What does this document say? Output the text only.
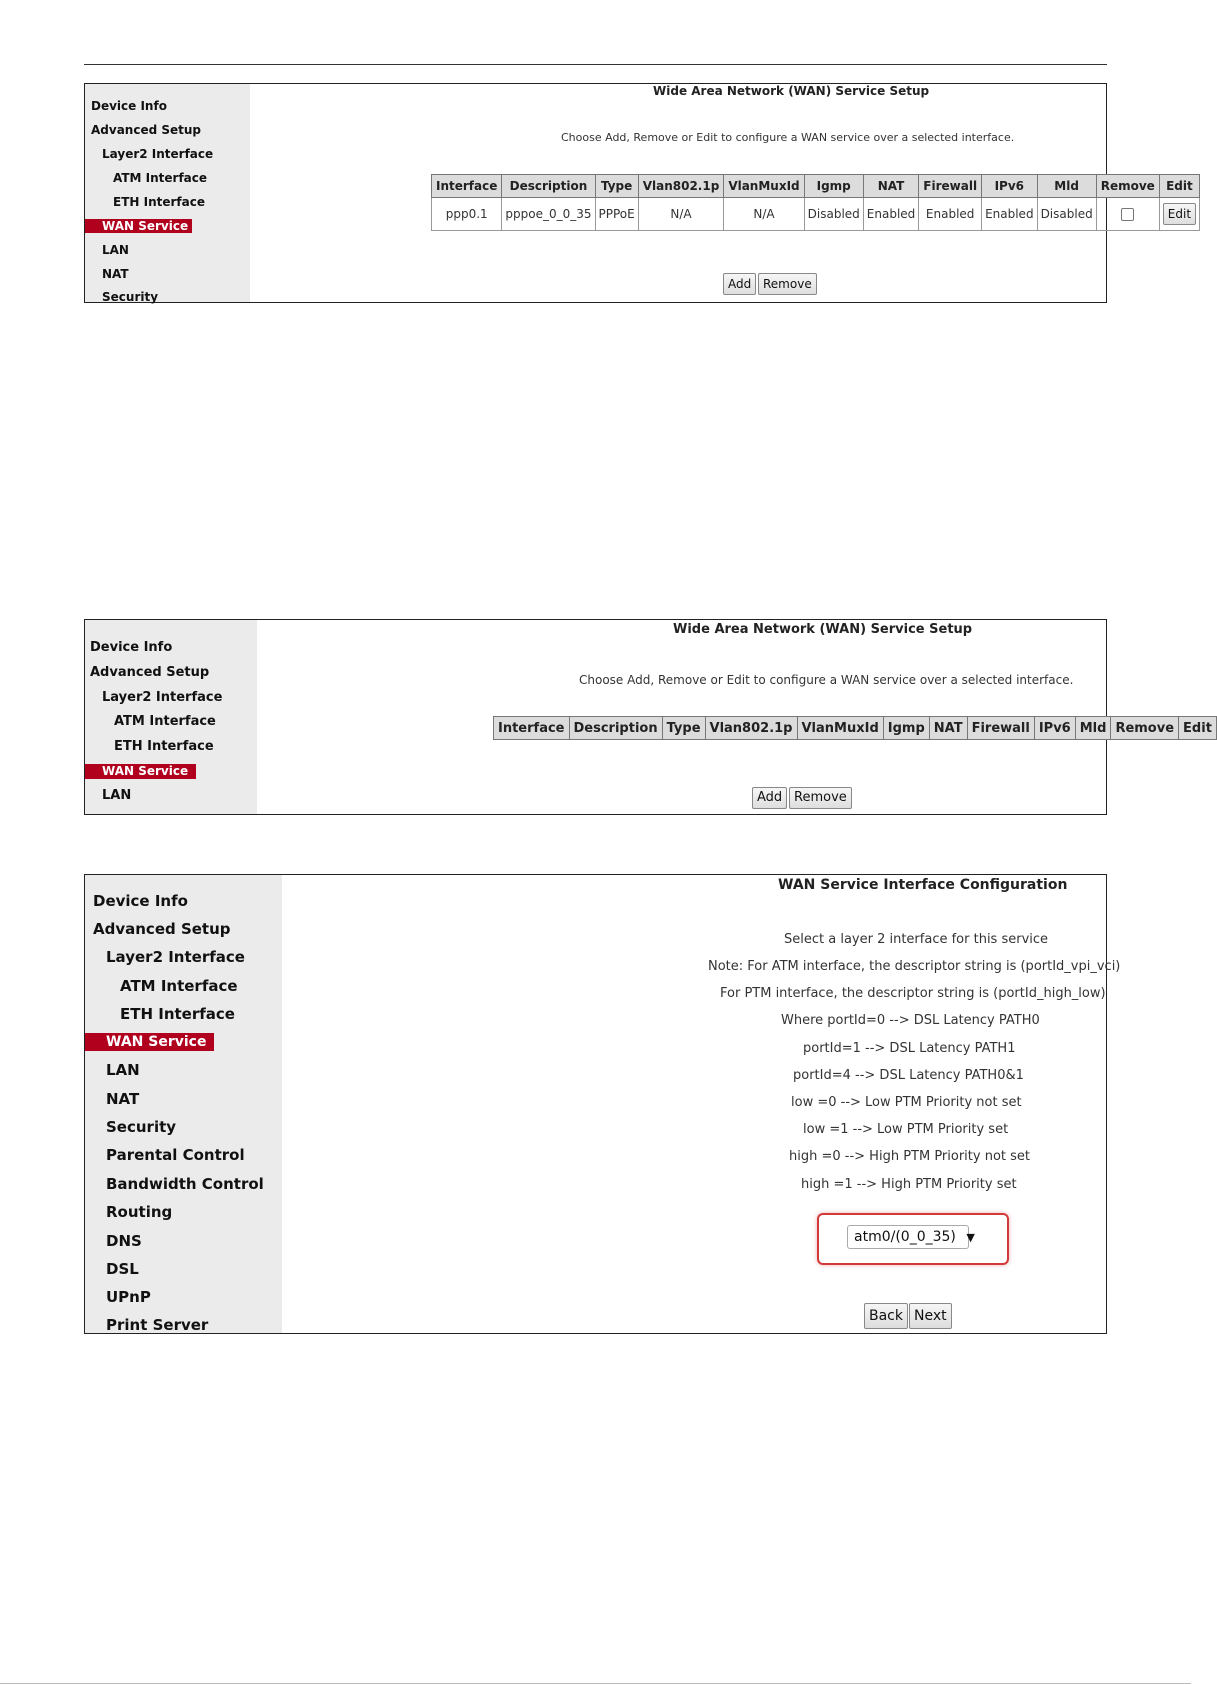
Device Info
Advanced Setup
Layer2 Interface
ATM Interface
ETH Interface
WAN Service
LAN
NAT
Security
Wide Area Network (WAN) Service Setup
Choose Add, Remove or Edit to configure a WAN service over a selected interface.
Interface	Description	Type	Vlan802.1p	VlanMuxId	Igmp	NAT	Firewall	IPv6	Mld	Remove	Edit
ppp0.1	pppoe_0_0_35	PPPoE	N/A	N/A	Disabled	Enabled	Enabled	Enabled	Disabled		Edit
Add Remove
Device Info
Advanced Setup
Layer2 Interface
ATM Interface
ETH Interface
WAN Service
LAN
Wide Area Network (WAN) Service Setup
Choose Add, Remove or Edit to configure a WAN service over a selected interface.
Interface	Description	Type	Vlan802.1p	VlanMuxId	Igmp	NAT	Firewall	IPv6	Mld	Remove	Edit
Add Remove
Device Info
Advanced Setup
Layer2 Interface
ATM Interface
ETH Interface
WAN Service
LAN
NAT
Security
Parental Control
Bandwidth Control
Routing
DNS
DSL
UPnP
Print Server
WAN Service Interface Configuration
Select a layer 2 interface for this service
Note: For ATM interface, the descriptor string is (portId_vpi_vci)
For PTM interface, the descriptor string is (portId_high_low)
Where portId=0 --> DSL Latency PATH0
portId=1 --> DSL Latency PATH1
portId=4 --> DSL Latency PATH0&1
low =0 --> Low PTM Priority not set
low =1 --> Low PTM Priority set
high =0 --> High PTM Priority not set
high =1 --> High PTM Priority set
atm0/(0_0_35) ▼
Back Next
